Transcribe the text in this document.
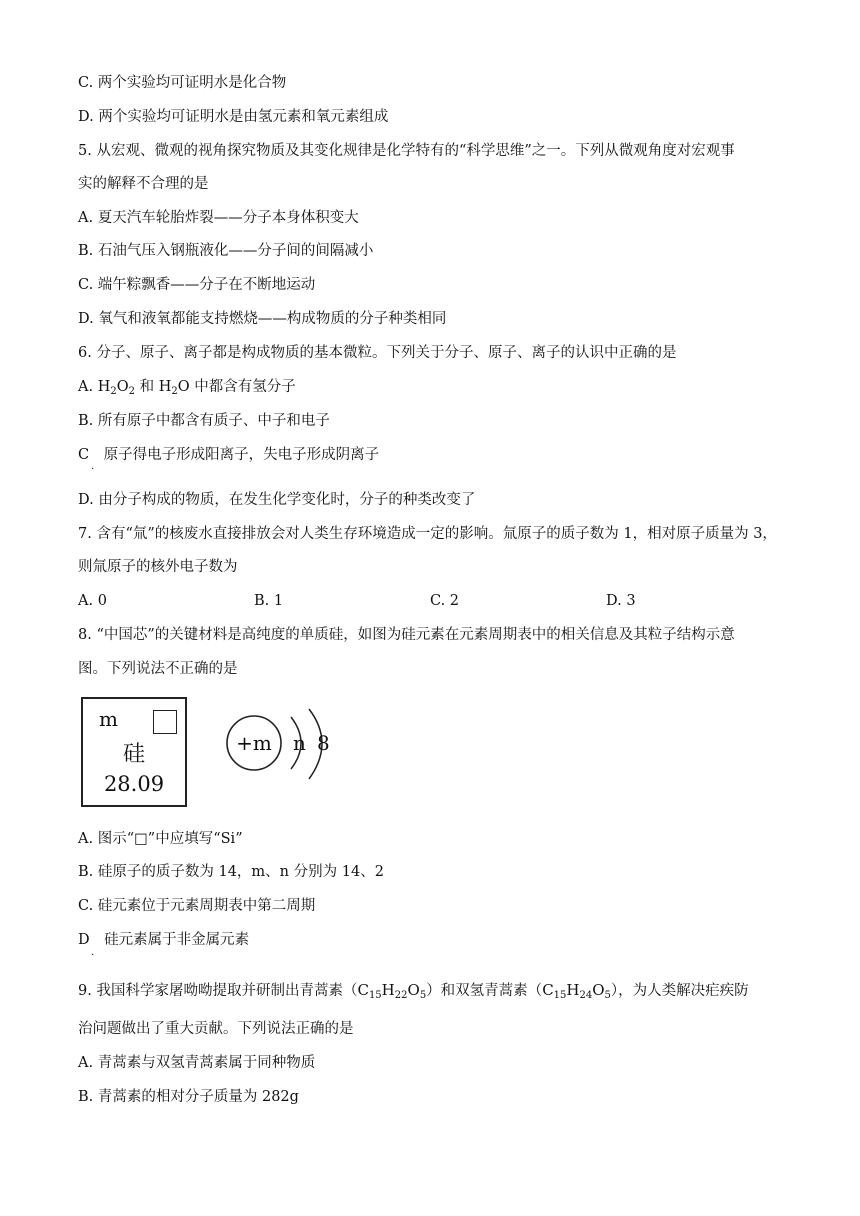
C. 两个实验均可证明水是化合物
D. 两个实验均可证明水是由氢元素和氧元素组成
5. 从宏观、微观的视角探究物质及其变化规律是化学特有的“科学思维”之一。下列从微观角度对宏观事
实的解释不合理的是
A. 夏天汽车轮胎炸裂——分子本身体积变大
B. 石油气压入钢瓶液化——分子间的间隔减小
C. 端午粽飘香——分子在不断地运动
D. 氧气和液氧都能支持燃烧——构成物质的分子种类相同
6. 分子、原子、离子都是构成物质的基本微粒。下列关于分子、原子、离子的认识中正确的是
A. $H_2O_2$ 和 $H_2O$ 中都含有氢分子
B. 所有原子中都含有质子、中子和电子
C　原子得电子形成阳离子，失电子形成阴离子
.
D. 由分子构成的物质，在发生化学变化时，分子的种类改变了
7. 含有“氚”的核废水直接排放会对人类生存环境造成一定的影响。氚原子的质子数为 1，相对原子质量为 3，
则氚原子的核外电子数为
A. 0	B. 1	C. 2	D. 3
8. “中国芯”的关键材料是高纯度的单质硅，如图为硅元素在元素周期表中的相关信息及其粒子结构示意
图。下列说法不正确的是
m
硅
28.09
+m	n 8
A. 图示“□”中应填写“Si”
B. 硅原子的质子数为 14，m、n 分别为 14、2
C. 硅元素位于元素周期表中第二周期
D　硅元素属于非金属元素
.
9. 我国科学家屠呦呦提取并研制出青蒿素$(C_{15}H_{22}O_5)$和双氢青蒿素$(C_{15}H_{24}O_5)$，为人类解决疟疾防
治问题做出了重大贡献。下列说法正确的是
A. 青蒿素与双氢青蒿素属于同种物质
B. 青蒿素的相对分子质量为 282g
